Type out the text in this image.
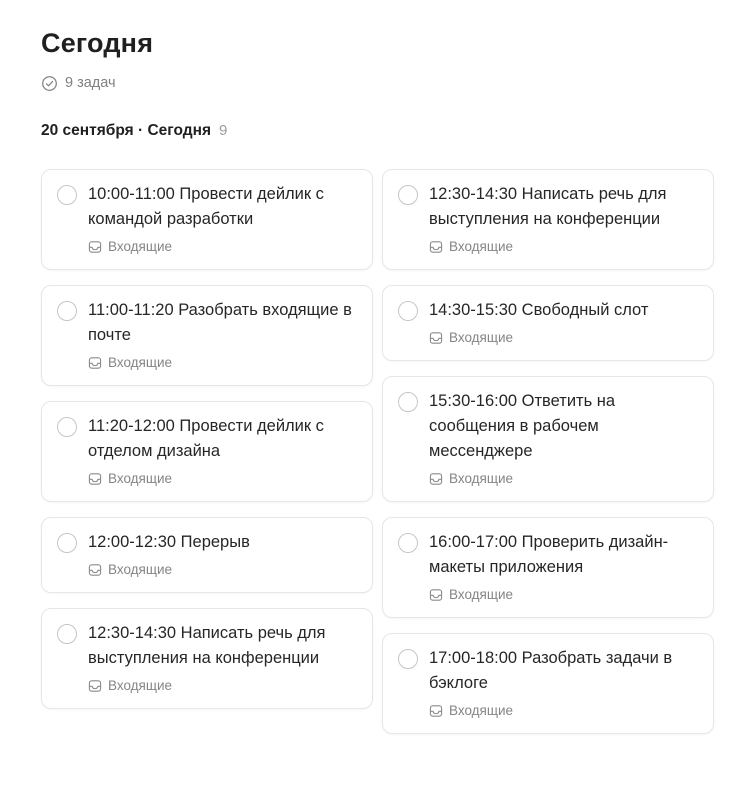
Сегодня
9 задач
20 сентября · Сегодня 9
10:00-11:00 Провести дейлик с командой разработки
Входящие
11:00-11:20 Разобрать входящие в почте
Входящие
11:20-12:00 Провести дейлик с отделом дизайна
Входящие
12:00-12:30 Перерыв
Входящие
12:30-14:30 Написать речь для выступления на конференции
Входящие
12:30-14:30 Написать речь для выступления на конференции
Входящие
14:30-15:30 Свободный слот
Входящие
15:30-16:00 Ответить на сообщения в рабочем мессенджере
Входящие
16:00-17:00 Проверить дизайн-макеты приложения
Входящие
17:00-18:00 Разобрать задачи в бэклоге
Входящие
